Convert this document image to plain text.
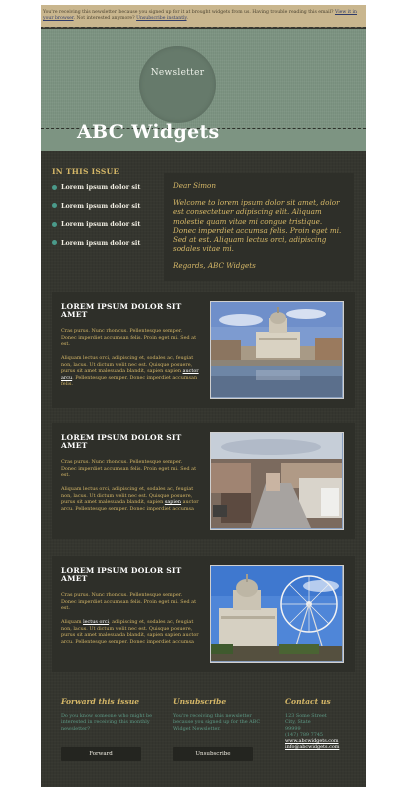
You're receiving this newsletter because you signed up for it at brought widgets from us. Having trouble reading this email? View it in your browser. Not interested anymore? Unsubscribe instantly.
Newsletter
ABC Widgets
IN THIS ISSUE
Lorem ipsum dolor sit
Lorem ipsum dolor sit
Lorem ipsum dolor sit
Lorem ipsum dolor sit

Dear Simon

Welcome to lorem ipsum dolor sit amet, dolor est consectetuer adipiscing elit. Aliquam molestie quam vitae mi congue tristique. Donec imperdiet accumsa felis. Proin eget mi. Sed at est. Aliquam lectus orci, adipiscing sodales vitae mi.

Regards, ABC Widgets

LOREM IPSUM DOLOR SIT AMET

Cras purus. Nunc rhoncus. Pellentesque semper. Donec imperdiet accumsan felis. Proin eget mi. Sed at est.

Aliquam lectus orci, adipiscing et, sodales ac, feugiat non, lacus. Ut dictum velit nec est. Quisque posuere, purus sit amet malesuada blandit, sapien sapien auctor arcu. Pellentesque semper. Donec imperdiet accumsan felis.

LOREM IPSUM DOLOR SIT AMET

Cras purus. Nunc rhoncus. Pellentesque semper. Donec imperdiet accumsan felis. Proin eget mi. Sed at est.

Aliquam lectus orci, adipiscing et, sodales ac, feugiat non, lacus. Ut dictum velit nec est. Quisque posuere, purus sit amet malesuada blandit, sapien sapien auctor arcu. Pellentesque semper. Donec imperdiet accumsa

LOREM IPSUM DOLOR SIT AMET

Cras purus. Nunc rhoncus. Pellentesque semper. Donec imperdiet accumsan felis. Proin eget mi. Sed at est.

Aliquam lectus orci, adipiscing et, sodales ac, feugiat non, lacus. Ut dictum velit nec est. Quisque posuere, purus sit amet malesuada blandit, sapien sapien auctor arcu. Pellentesque semper. Donec imperdiet accumsa

Forward this issue

Do you know someone who might be interested in receiving this monthly newsletter?

Forward
Unsubscribe

You're receiving this newsletter because you signed up for the ABC Widget Newsletter.

Unsubscribe
Contact us

123 Some Street

City, State

99999

(147) 789 7745

www.abcwidgets.com
info@abcwidgets.com
